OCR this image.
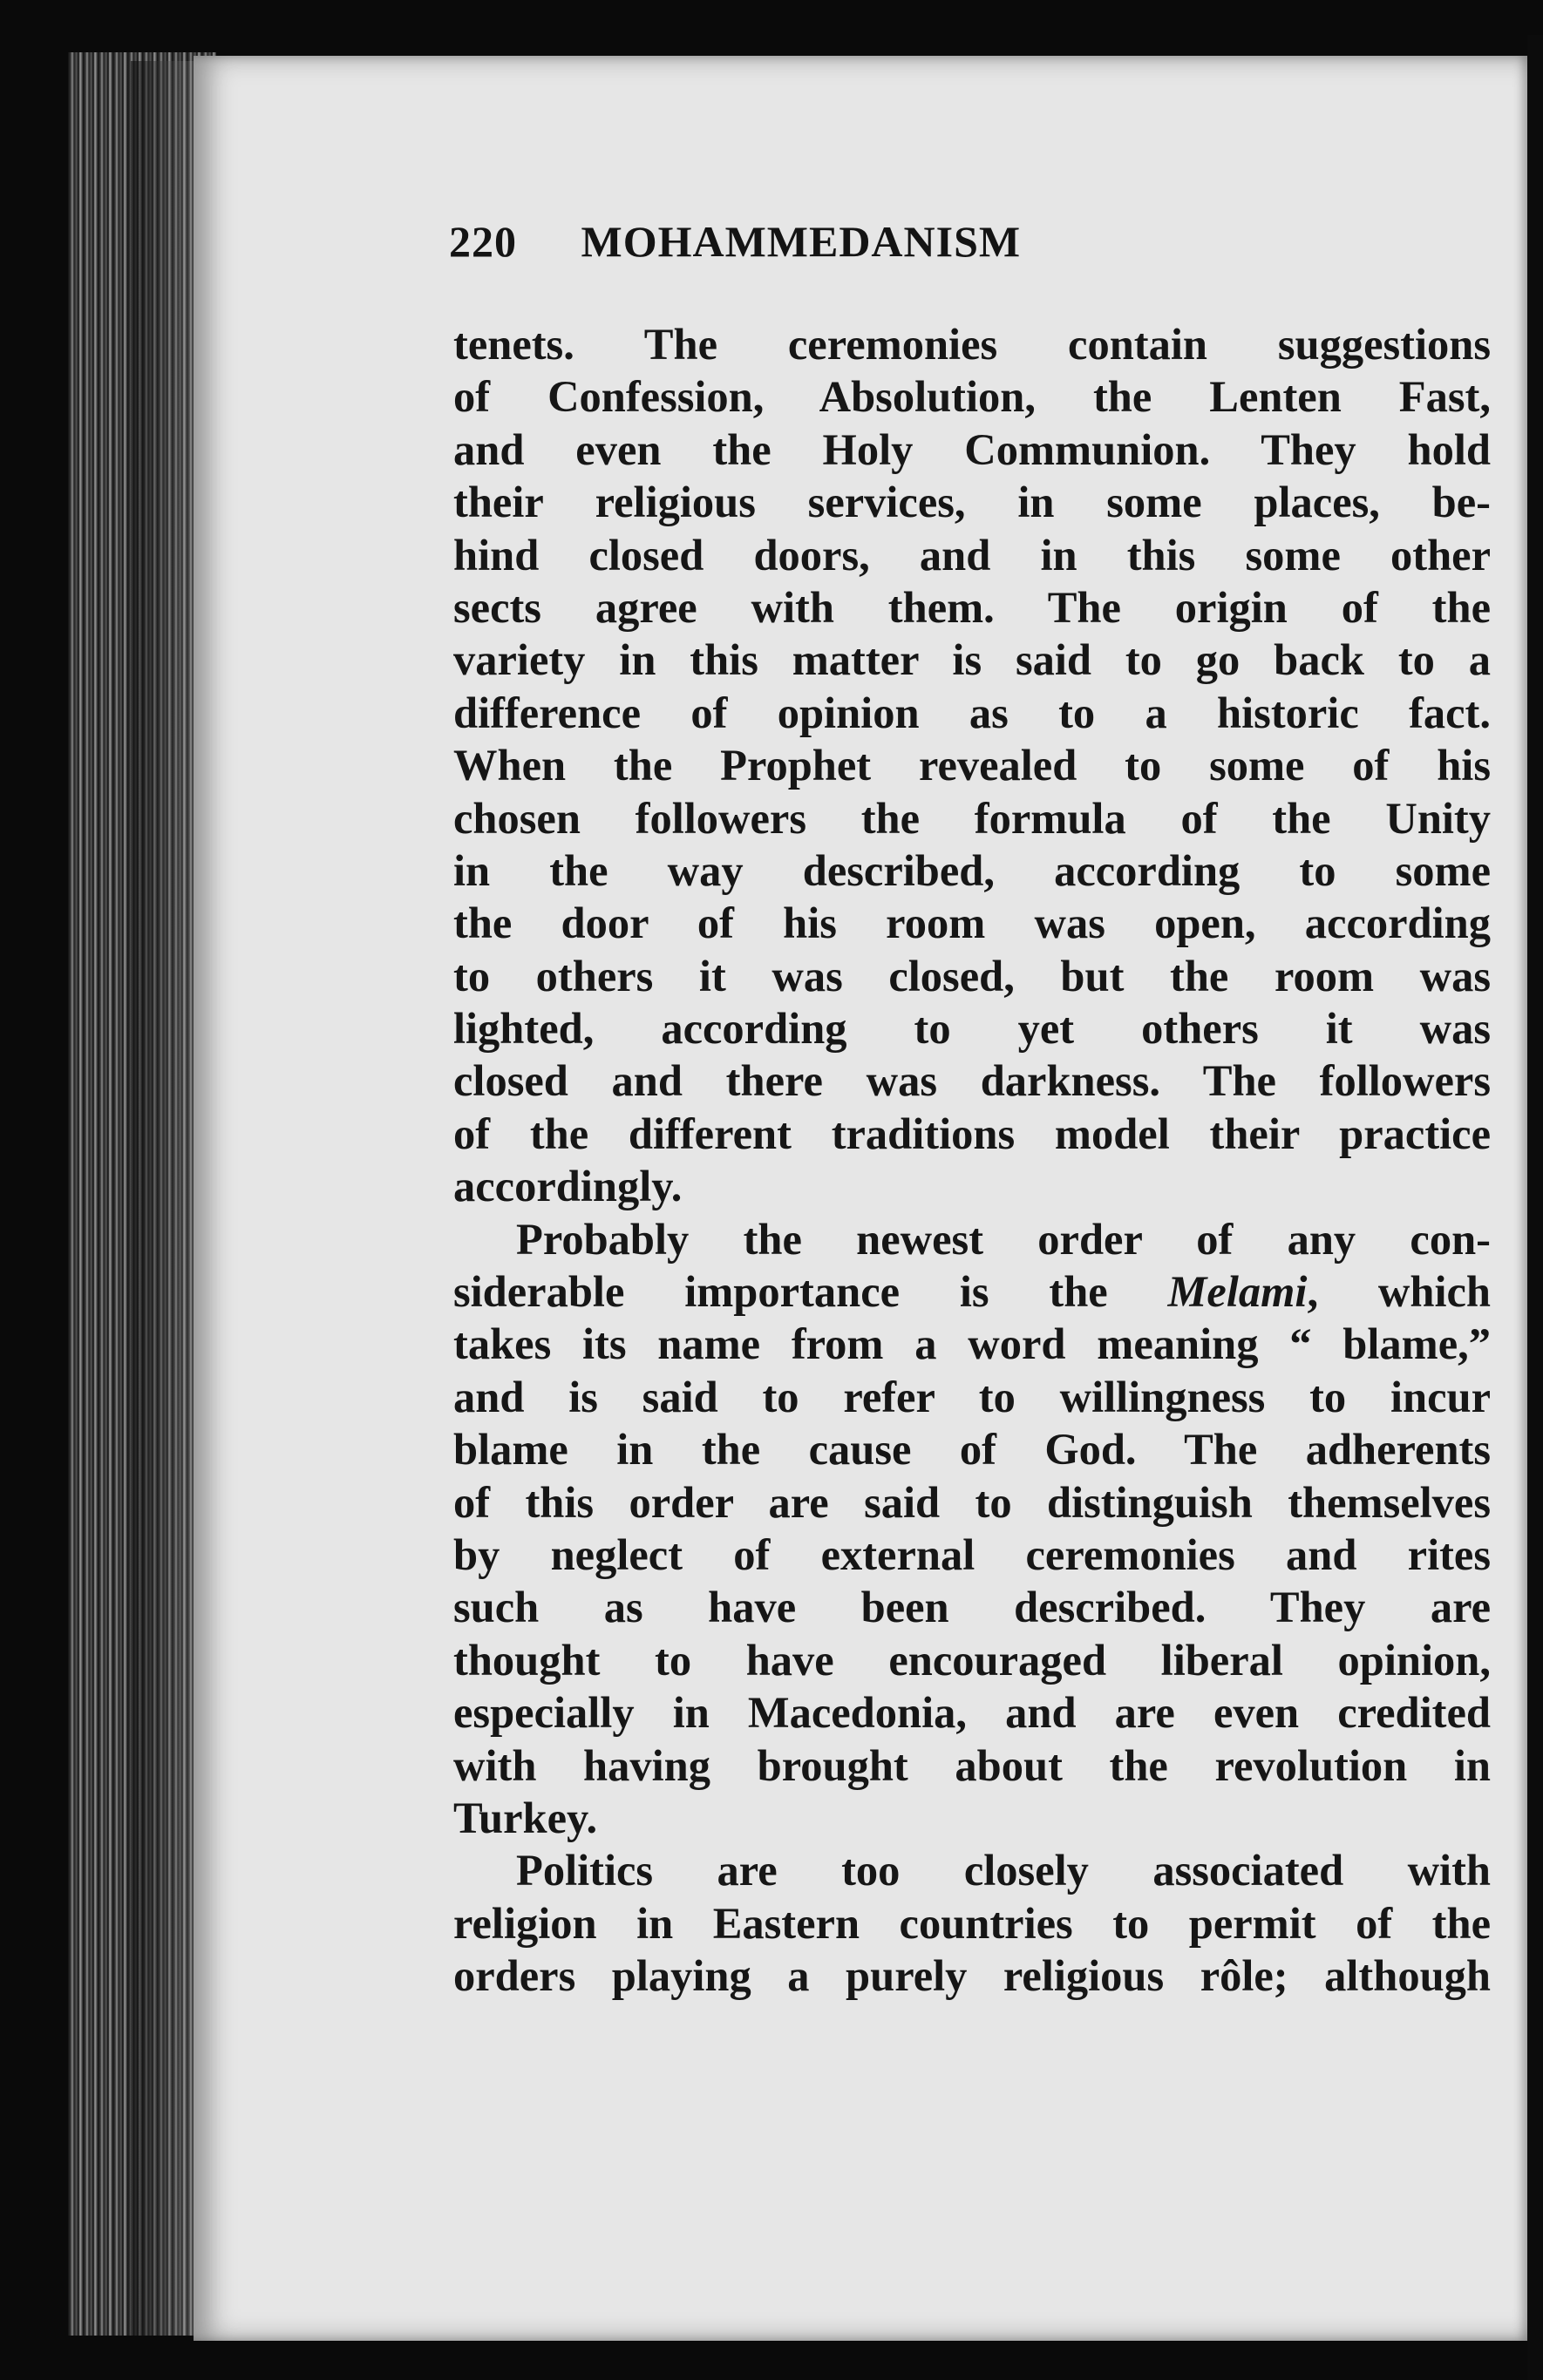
220 MOHAMMEDANISM
tenets. The ceremonies contain suggestions
of Confession, Absolution, the Lenten Fast,
and even the Holy Communion. They hold
their religious services, in some places, be-
hind closed doors, and in this some other
sects agree with them. The origin of the
variety in this matter is said to go back to a
difference of opinion as to a historic fact.
When the Prophet revealed to some of his
chosen followers the formula of the Unity
in the way described, according to some
the door of his room was open, according
to others it was closed, but the room was
lighted, according to yet others it was
closed and there was darkness. The followers
of the different traditions model their practice
accordingly.
Probably the newest order of any con-
siderable importance is the Melami, which
takes its name from a word meaning “ blame,”
and is said to refer to willingness to incur
blame in the cause of God. The adherents
of this order are said to distinguish themselves
by neglect of external ceremonies and rites
such as have been described. They are
thought to have encouraged liberal opinion,
especially in Macedonia, and are even credited
with having brought about the revolution in
Turkey.
Politics are too closely associated with
religion in Eastern countries to permit of the
orders playing a purely religious rôle; although
